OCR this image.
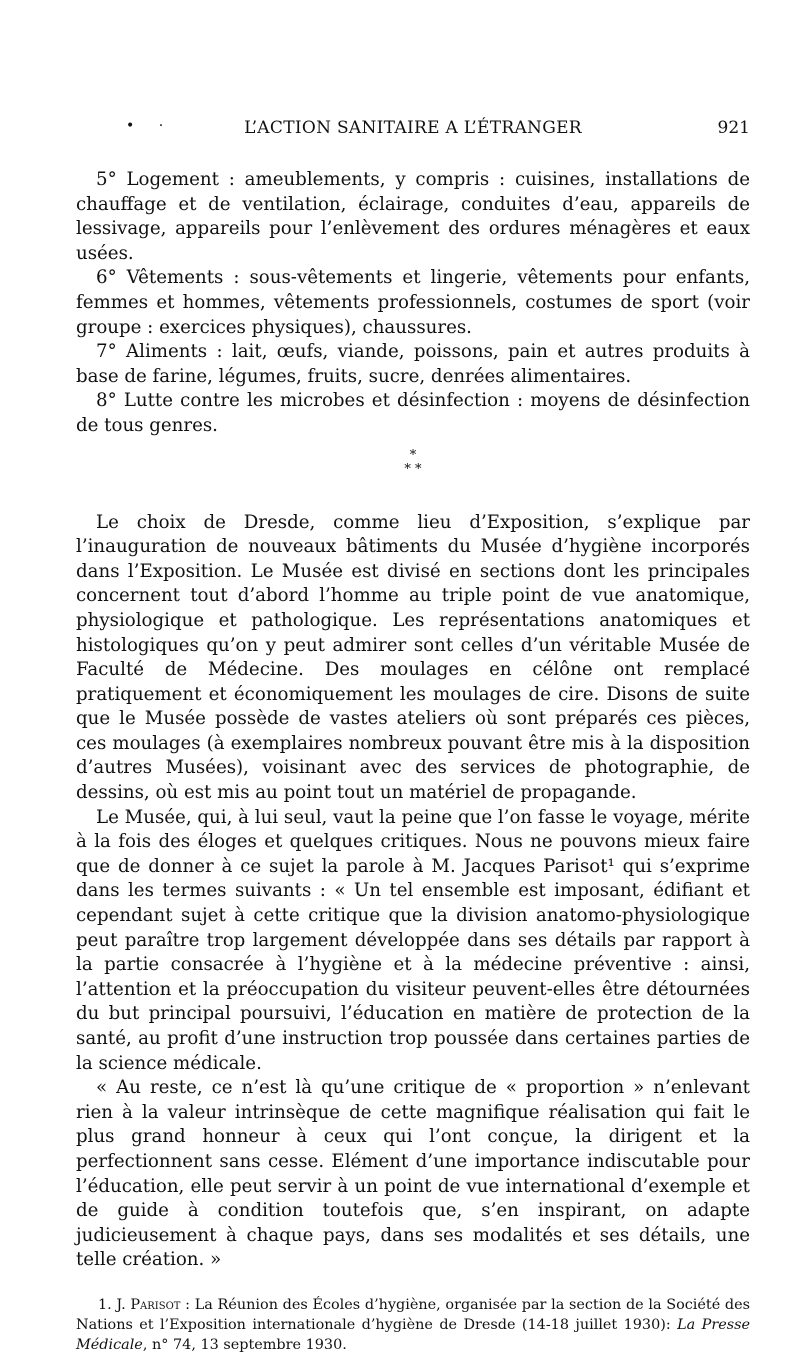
• ·	L’ACTION SANITAIRE A L’ÉTRANGER	921

5° Logement : ameublements, y compris : cuisines, installations de chauffage et de ventilation, éclairage, conduites d’eau, appareils de lessivage, appareils pour l’enlèvement des ordures ménagères et eaux usées.

6° Vêtements : sous-vêtements et lingerie, vêtements pour enfants, femmes et hommes, vêtements professionnels, costumes de sport (voir groupe : exercices physiques), chaussures.

7° Aliments : lait, œufs, viande, poissons, pain et autres produits à base de farine, légumes, fruits, sucre, denrées alimentaires.

8° Lutte contre les microbes et désinfection : moyens de désinfection de tous genres.

*
* *

Le choix de Dresde, comme lieu d’Exposition, s’explique par l’inauguration de nouveaux bâtiments du Musée d’hygiène incorporés dans l’Exposition. Le Musée est divisé en sections dont les principales concernent tout d’abord l’homme au triple point de vue anatomique, physiologique et pathologique. Les représentations anatomiques et histologiques qu’on y peut admirer sont celles d’un véritable Musée de Faculté de Médecine. Des moulages en célône ont remplacé pratiquement et économiquement les moulages de cire. Disons de suite que le Musée possède de vastes ateliers où sont préparés ces pièces, ces moulages (à exemplaires nombreux pouvant être mis à la disposition d’autres Musées), voisinant avec des services de photographie, de dessins, où est mis au point tout un matériel de propagande.

Le Musée, qui, à lui seul, vaut la peine que l’on fasse le voyage, mérite à la fois des éloges et quelques critiques. Nous ne pouvons mieux faire que de donner à ce sujet la parole à M. Jacques Parisot¹ qui s’exprime dans les termes suivants : « Un tel ensemble est imposant, édifiant et cependant sujet à cette critique que la division anatomo-physiologique peut paraître trop largement développée dans ses détails par rapport à la partie consacrée à l’hygiène et à la médecine préventive : ainsi, l’attention et la préoccupation du visiteur peuvent-elles être détournées du but principal poursuivi, l’éducation en matière de protection de la santé, au profit d’une instruction trop poussée dans certaines parties de la science médicale.

« Au reste, ce n’est là qu’une critique de « proportion » n’enlevant rien à la valeur intrinsèque de cette magnifique réalisation qui fait le plus grand honneur à ceux qui l’ont conçue, la dirigent et la perfectionnent sans cesse. Elément d’une importance indiscutable pour l’éducation, elle peut servir à un point de vue international d’exemple et de guide à condition toutefois que, s’en inspirant, on adapte judicieusement à chaque pays, dans ses modalités et ses détails, une telle création. »

1. J. Parisot : La Réunion des Écoles d’hygiène, organisée par la section de la Société des Nations et l’Exposition internationale d’hygiène de Dresde (14-18 juillet 1930): La Presse Médicale, n° 74, 13 septembre 1930.
